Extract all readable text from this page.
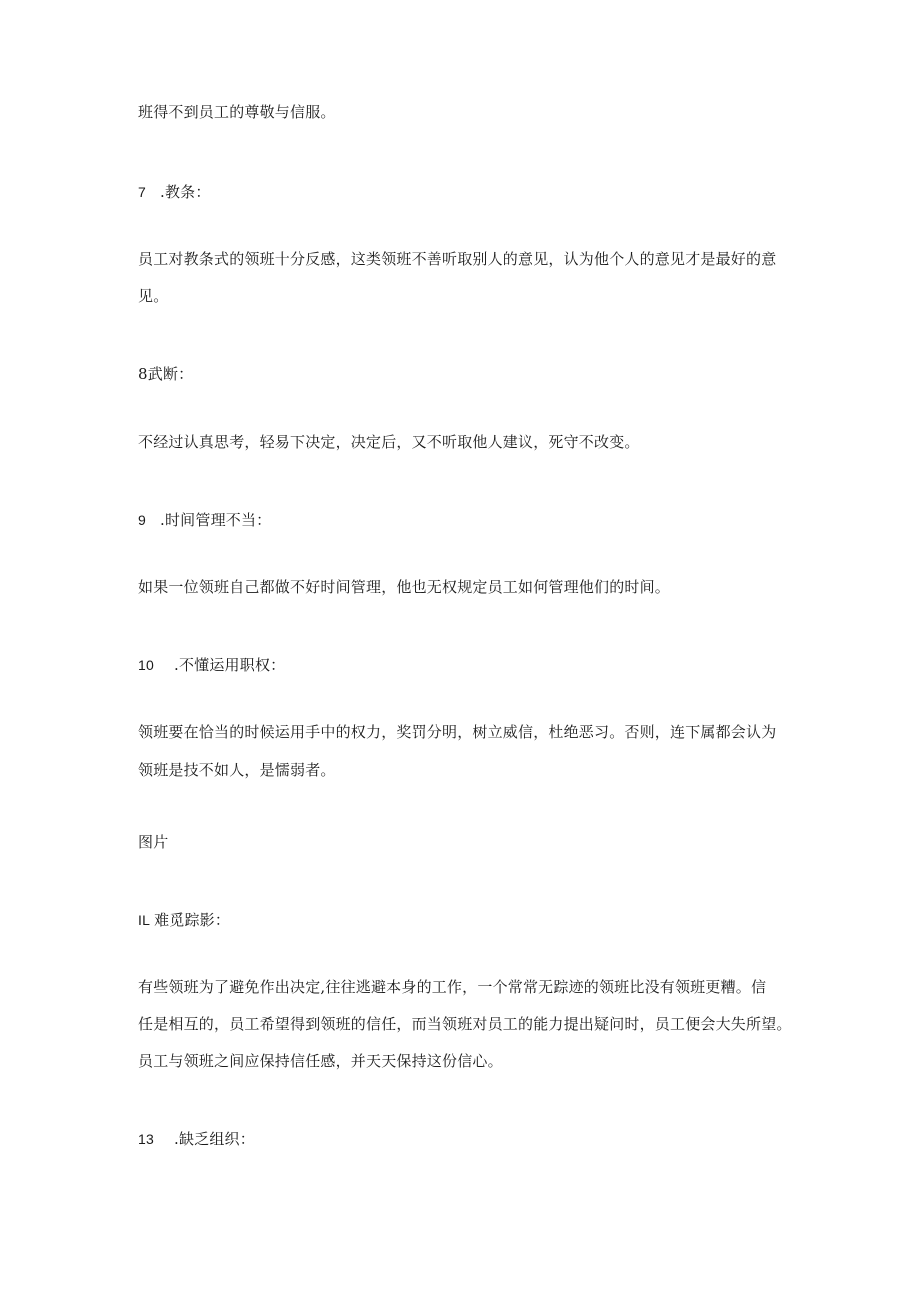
班得不到员工的尊敬与信服。
7 .教条：
员工对教条式的领班十分反感，这类领班不善听取别人的意见，认为他个人的意见才是最好的意
见。
8武断：
不经过认真思考，轻易下决定，决定后，又不听取他人建议，死守不改变。
9 .时间管理不当：
如果一位领班自己都做不好时间管理，他也无权规定员工如何管理他们的时间。
10 .不懂运用职权：
领班要在恰当的时候运用手中的权力，奖罚分明，树立威信，杜绝恶习。否则，连下属都会认为
领班是技不如人，是懦弱者。
图片
IL 难觅踪影：
有些领班为了避免作出决定,往往逃避本身的工作，一个常常无踪迹的领班比没有领班更糟。信
任是相互的，员工希望得到领班的信任，而当领班对员工的能力提出疑问时，员工便会大失所望。
员工与领班之间应保持信任感，并天天保持这份信心。
13 .缺乏组织：
